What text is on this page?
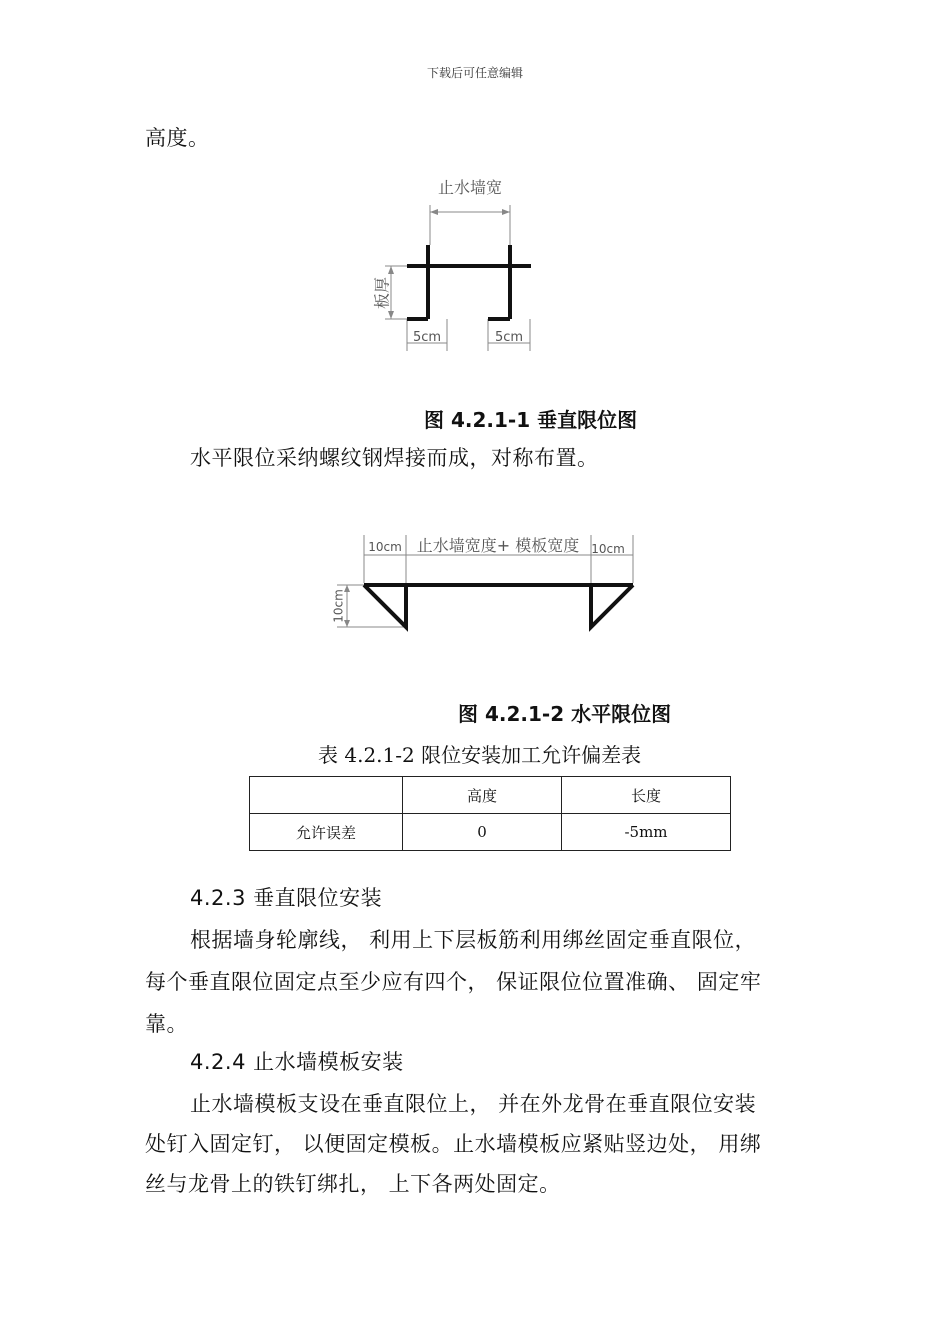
下载后可任意编辑
高度。
止水墙宽
板厚
5cm	5cm
图 4.2.1-1 垂直限位图
水平限位采纳螺纹钢焊接而成，对称布置。
10cm 止水墙宽度+ 模板宽度 10cm
10cm
图 4.2.1-2 水平限位图
表 4.2.1-2 限位安装加工允许偏差表
	高度	长度
允许误差	0	-5mm
4.2.3 垂直限位安装
根据墙身轮廓线， 利用上下层板筋利用绑丝固定垂直限位，
每个垂直限位固定点至少应有四个， 保证限位位置准确、 固定牢
靠。
4.2.4 止水墙模板安装
止水墙模板支设在垂直限位上， 并在外龙骨在垂直限位安装
处钉入固定钉， 以便固定模板。止水墙模板应紧贴竖边处， 用绑
丝与龙骨上的铁钉绑扎， 上下各两处固定。
